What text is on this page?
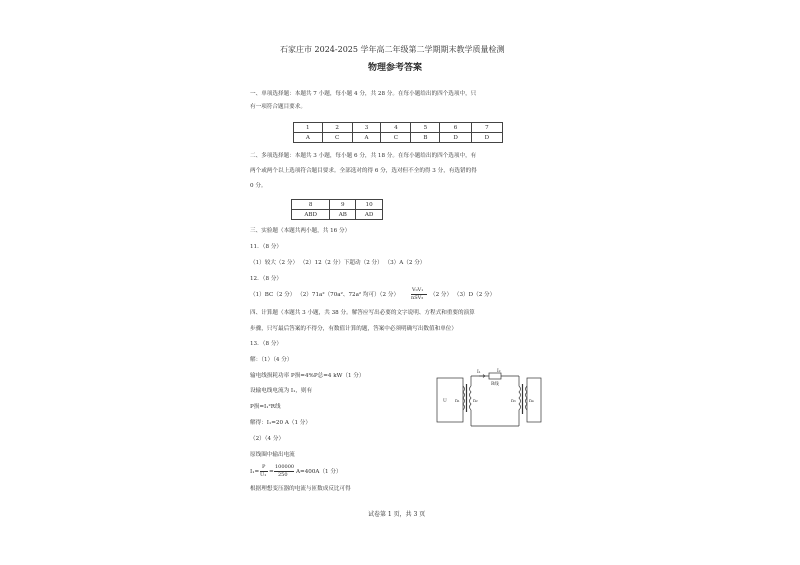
石家庄市 2024-2025 学年高二年级第二学期期末教学质量检测
物理参考答案
一、单项选择题：本题共 7 小题，每小题 4 分，共 28 分。在每小题给出的四个选项中，只
有一项符合题目要求。
1	2	3	4	5	6	7
A	C	A	C	B	D	D
二、多项选择题：本题共 3 小题，每小题 6 分，共 18 分。在每小题给出的四个选项中，有
两个或两个以上选项符合题目要求。全部选对的得 6 分，选对但不全的得 3 分，有选错的得
0 分。
8	9	10
ABD	AB	AD
三、实验题（本题共两小题，共 16 分）
11．（8 分）
（1）较大（2 分） （2）12（2 分）下超动（2 分） （3）A（2 分）
12．（8 分）
（1）BC（2 分） （2）71a²（70a²、72a² 均可）（2 分）
V₀V₁
nSV₂ （2 分） （3）D（2 分）
四、计算题（本题共 3 小题，共 38 分。解答应写出必要的文字说明、方程式和重要的演算
步骤，只写最后答案的不得分，有数值计算的题，答案中必须明确写出数值和单位）
13．（8 分）
解：（1）（4 分）
输电线损耗功率 P损=4%P总=4 kW（1 分）
设输电线电流为 I₁，则有
P损=I₁²R线
解得：I₁=20 A（1 分）
（2）（4 分）
原线圈中输出电流
I₁=
P
U₁ =
100000
250 A=400A（1 分）
根据理想变压器的电流与匝数成反比可得
I₁	I₂
R线
U n₁	n₂	n₃	n₄
试卷第 1 页，共 3 页
